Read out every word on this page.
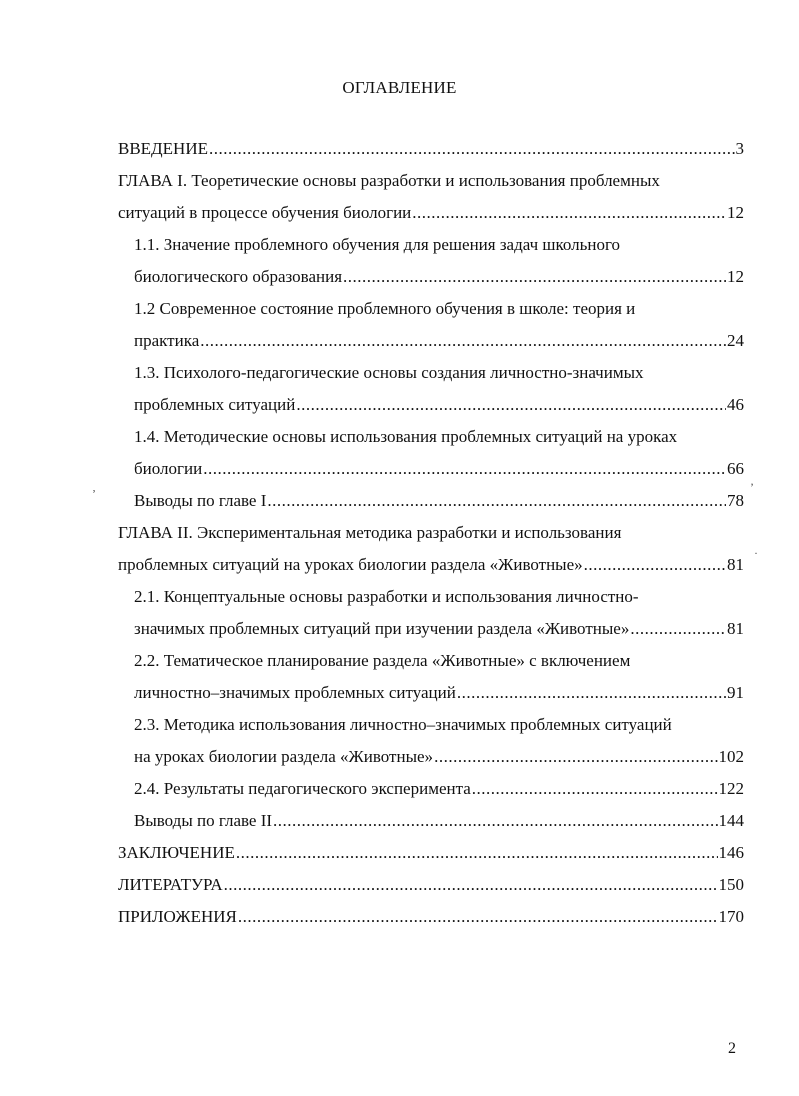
ОГЛАВЛЕНИЕ
ВВЕДЕНИЕ .....	3
ГЛАВА I. Теоретические основы разработки и использования проблемных
ситуаций в процессе обучения биологии .....	12
1.1. Значение проблемного обучения для решения задач школьного
биологического образования .....	12
1.2 Современное состояние проблемного обучения в школе: теория и
практика .....	24
1.3. Психолого-педагогические основы создания личностно-значимых
проблемных ситуаций .....	46
1.4. Методические основы использования проблемных ситуаций на уроках
биологии .....	66
Выводы по главе I .....	78
ГЛАВА II. Экспериментальная методика разработки и использования
проблемных ситуаций на уроках биологии раздела «Животные» .....	81
2.1. Концептуальные основы разработки и использования личностно-
значимых проблемных ситуаций при изучении раздела «Животные» .....	81
2.2. Тематическое планирование раздела «Животные» с включением
личностно–значимых проблемных ситуаций .....	91
2.3. Методика использования личностно–значимых проблемных ситуаций
на уроках биологии раздела «Животные» .....	102
2.4. Результаты педагогического эксперимента .....	122
Выводы по главе II .....	144
ЗАКЛЮЧЕНИЕ .....	146
ЛИТЕРАТУРА .....	150
ПРИЛОЖЕНИЯ .....	170
2
‚	’
·
